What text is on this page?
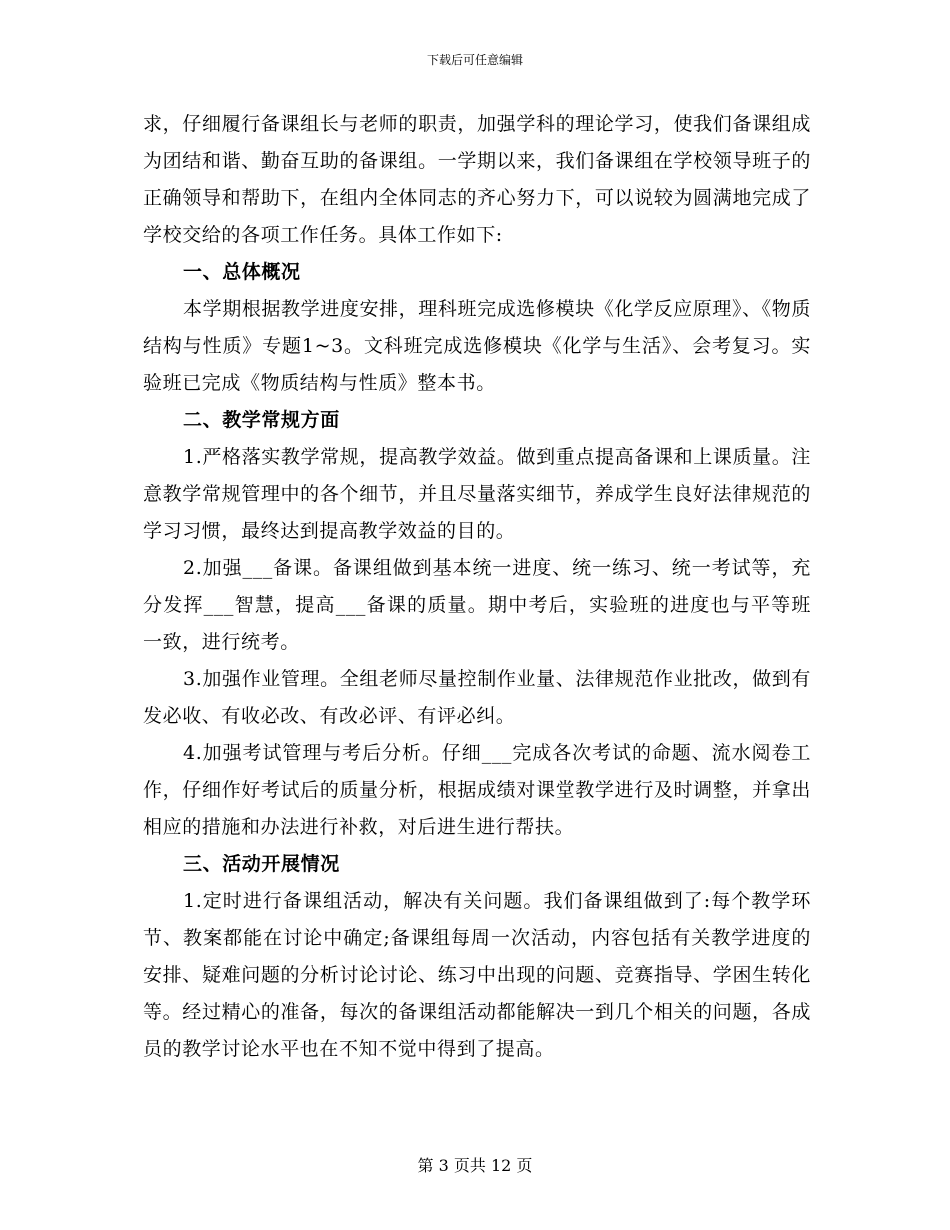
下载后可任意编辑

求，仔细履行备课组长与老师的职责，加强学科的理论学习，使我们备课组成为团结和谐、勤奋互助的备课组。一学期以来，我们备课组在学校领导班子的正确领导和帮助下，在组内全体同志的齐心努力下，可以说较为圆满地完成了学校交给的各项工作任务。具体工作如下:

一、总体概况

本学期根据教学进度安排，理科班完成选修模块《化学反应原理》、《物质结构与性质》专题1~3。文科班完成选修模块《化学与生活》、会考复习。实验班已完成《物质结构与性质》整本书。

二、教学常规方面

1.严格落实教学常规，提高教学效益。做到重点提高备课和上课质量。注意教学常规管理中的各个细节，并且尽量落实细节，养成学生良好法律规范的学习习惯，最终达到提高教学效益的目的。

2.加强___备课。备课组做到基本统一进度、统一练习、统一考试等，充分发挥___智慧，提高___备课的质量。期中考后，实验班的进度也与平等班一致，进行统考。

3.加强作业管理。全组老师尽量控制作业量、法律规范作业批改，做到有发必收、有收必改、有改必评、有评必纠。

4.加强考试管理与考后分析。仔细___完成各次考试的命题、流水阅卷工作，仔细作好考试后的质量分析，根据成绩对课堂教学进行及时调整，并拿出相应的措施和办法进行补救，对后进生进行帮扶。

三、活动开展情况

1.定时进行备课组活动，解决有关问题。我们备课组做到了:每个教学环节、教案都能在讨论中确定;备课组每周一次活动，内容包括有关教学进度的安排、疑难问题的分析讨论讨论、练习中出现的问题、竞赛指导、学困生转化等。经过精心的准备，每次的备课组活动都能解决一到几个相关的问题，各成员的教学讨论水平也在不知不觉中得到了提高。

第 3 页共 12 页
